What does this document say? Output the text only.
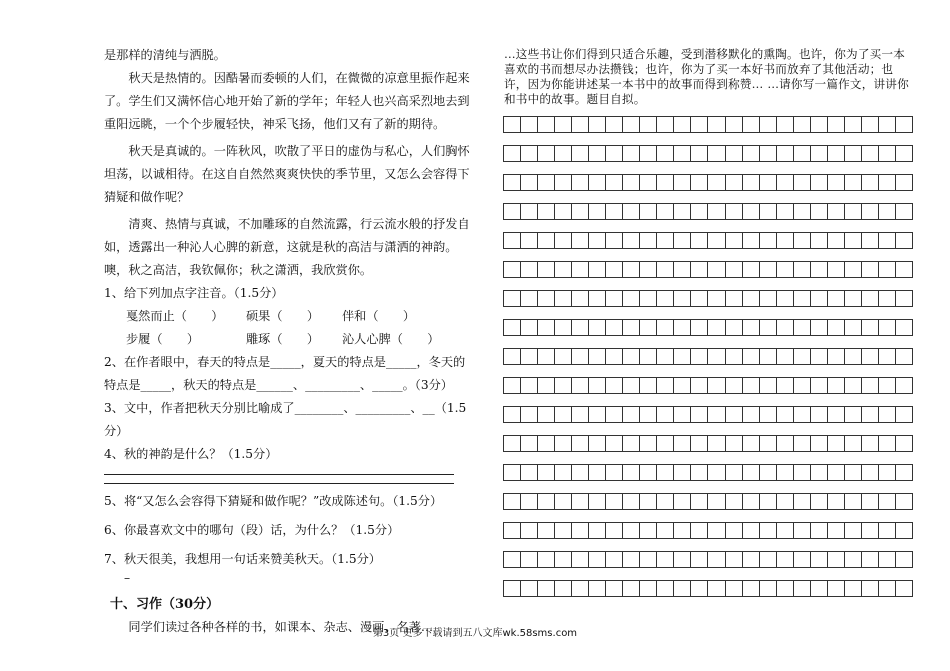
是那样的清纯与洒脱。

秋天是热情的。因酷暑而委顿的人们，在微微的凉意里振作起来了。学生们又满怀信心地开始了新的学年；年轻人也兴高采烈地去到重阳远眺，一个个步履轻快，神采飞扬，他们又有了新的期待。

秋天是真诚的。一阵秋风，吹散了平日的虚伪与私心，人们胸怀坦荡，以诚相待。在这自自然然爽爽快快的季节里，又怎么会容得下猜疑和做作呢？

清爽、热情与真诚，不加雕琢的自然流露，行云流水般的抒发自如，透露出一种沁人心脾的新意，这就是秋的高洁与潇洒的神韵。噢，秋之高洁，我钦佩你；秋之潇洒，我欣赏你。

1、给下列加点字注音。（1.5分）

戛然而止（　　）	硕果（　　）	伴和（　　）
步履（　　）	雕琢（　　）	沁人心脾（　　）

2、在作者眼中，春天的特点是_____，夏天的特点是_____，冬天的特点是_____，秋天的特点是______、_________、_____。（3分）

3、文中，作者把秋天分别比喻成了________、_________、__（1.5分）

4、秋的神韵是什么？（1.5分）

5、将“又怎么会容得下猜疑和做作呢？”改成陈述句。（1.5分）

6、你最喜欢文中的哪句（段）话，为什么？（1.5分）

7、秋天很美，我想用一句话来赞美秋天。（1.5分）

–

十、习作（30分）

同学们读过各种各样的书，如课本、杂志、漫画、名著…

…这些书让你们得到只适合乐趣，受到潜移默化的熏陶。也许，你为了买一本喜欢的书而想尽办法攒钱；也许，你为了买一本好书而放弃了其他活动；也许，因为你能讲述某一本书中的故事而得到称赞… …请你写一篇作文，讲讲你和书中的故事。题目自拟。

第3页 更多下载请到五八文库wk.58sms.com
